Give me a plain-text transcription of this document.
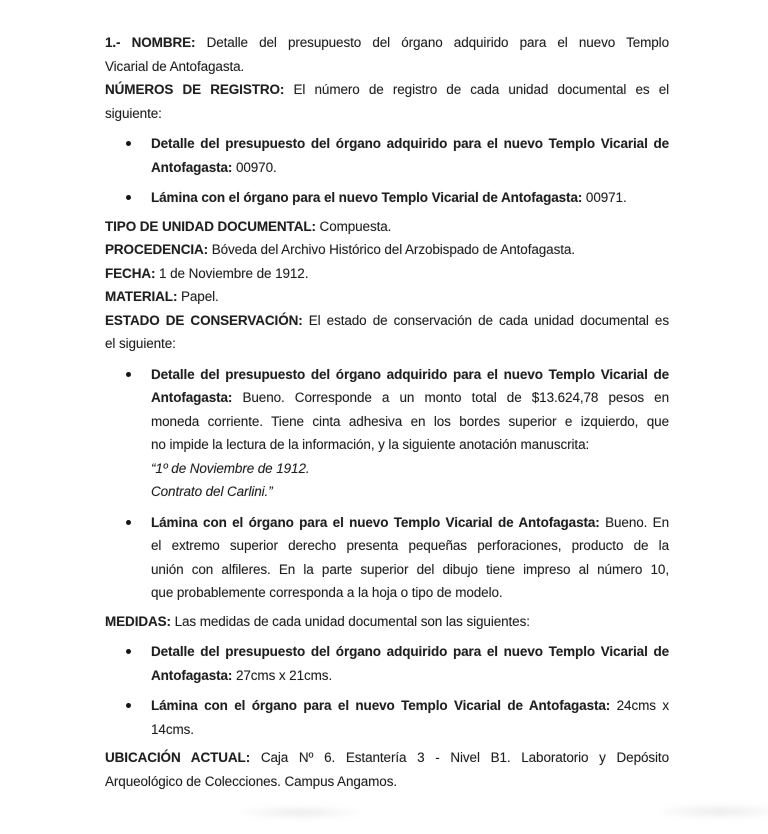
1.- NOMBRE: Detalle del presupuesto del órgano adquirido para el nuevo Templo
Vicarial de Antofagasta.
NÚMEROS DE REGISTRO: El número de registro de cada unidad documental es el
siguiente:
Detalle del presupuesto del órgano adquirido para el nuevo Templo Vicarial de
Antofagasta: 00970.
Lámina con el órgano para el nuevo Templo Vicarial de Antofagasta: 00971.
TIPO DE UNIDAD DOCUMENTAL: Compuesta.
PROCEDENCIA: Bóveda del Archivo Histórico del Arzobispado de Antofagasta.
FECHA: 1 de Noviembre de 1912.
MATERIAL: Papel.
ESTADO DE CONSERVACIÓN: El estado de conservación de cada unidad documental es
el siguiente:
Detalle del presupuesto del órgano adquirido para el nuevo Templo Vicarial de
Antofagasta: Bueno. Corresponde a un monto total de $13.624,78 pesos en
moneda corriente. Tiene cinta adhesiva en los bordes superior e izquierdo, que
no impide la lectura de la información, y la siguiente anotación manuscrita:
“1º de Noviembre de 1912.
Contrato del Carlini.”
Lámina con el órgano para el nuevo Templo Vicarial de Antofagasta: Bueno. En
el extremo superior derecho presenta pequeñas perforaciones, producto de la
unión con alfileres. En la parte superior del dibujo tiene impreso al número 10,
que probablemente corresponda a la hoja o tipo de modelo.
MEDIDAS: Las medidas de cada unidad documental son las siguientes:
Detalle del presupuesto del órgano adquirido para el nuevo Templo Vicarial de
Antofagasta: 27cms x 21cms.
Lámina con el órgano para el nuevo Templo Vicarial de Antofagasta: 24cms x
14cms.
UBICACIÓN ACTUAL: Caja Nº 6. Estantería 3 - Nivel B1. Laboratorio y Depósito
Arqueológico de Colecciones. Campus Angamos.
